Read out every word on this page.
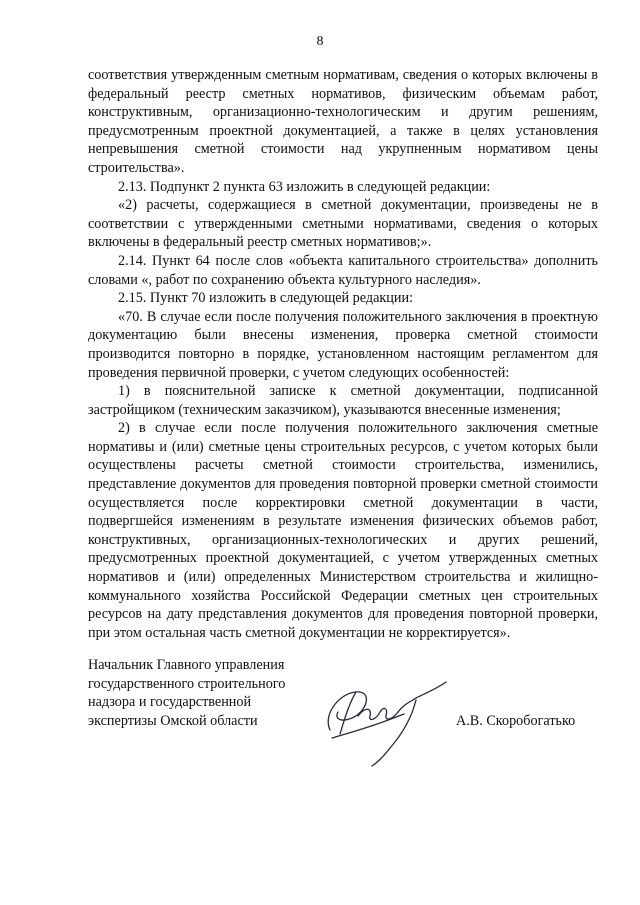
8

соответствия утвержденным сметным нормативам, сведения о которых включены в федеральный реестр сметных нормативов, физическим объемам работ, конструктивным, организационно-технологическим и другим решениям, предусмотренным проектной документацией, а также в целях установления непревышения сметной стоимости над укрупненным нормативом цены строительства».

2.13. Подпункт 2 пункта 63 изложить в следующей редакции:

«2) расчеты, содержащиеся в сметной документации, произведены не в соответствии с утвержденными сметными нормативами, сведения о которых включены в федеральный реестр сметных нормативов;».

2.14. Пункт 64 после слов «объекта капитального строительства» дополнить словами «, работ по сохранению объекта культурного наследия».

2.15. Пункт 70 изложить в следующей редакции:

«70. В случае если после получения положительного заключения в проектную документацию были внесены изменения, проверка сметной стоимости производится повторно в порядке, установленном настоящим регламентом для проведения первичной проверки, с учетом следующих особенностей:

1) в пояснительной записке к сметной документации, подписанной застройщиком (техническим заказчиком), указываются внесенные изменения;

2) в случае если после получения положительного заключения сметные нормативы и (или) сметные цены строительных ресурсов, с учетом которых были осуществлены расчеты сметной стоимости строительства, изменились, представление документов для проведения повторной проверки сметной стоимости осуществляется после корректировки сметной документации в части, подвергшейся изменениям в результате изменения физических объемов работ, конструктивных, организационных-технологических и других решений, предусмотренных проектной документацией, с учетом утвержденных сметных нормативов и (или) определенных Министерством строительства и жилищно-коммунального хозяйства Российской Федерации сметных цен строительных ресурсов на дату представления документов для проведения повторной проверки, при этом остальная часть сметной документации не корректируется».

Начальник Главного управления
государственного строительного
надзора и государственной
экспертизы Омской области	А.В. Скоробогатько
